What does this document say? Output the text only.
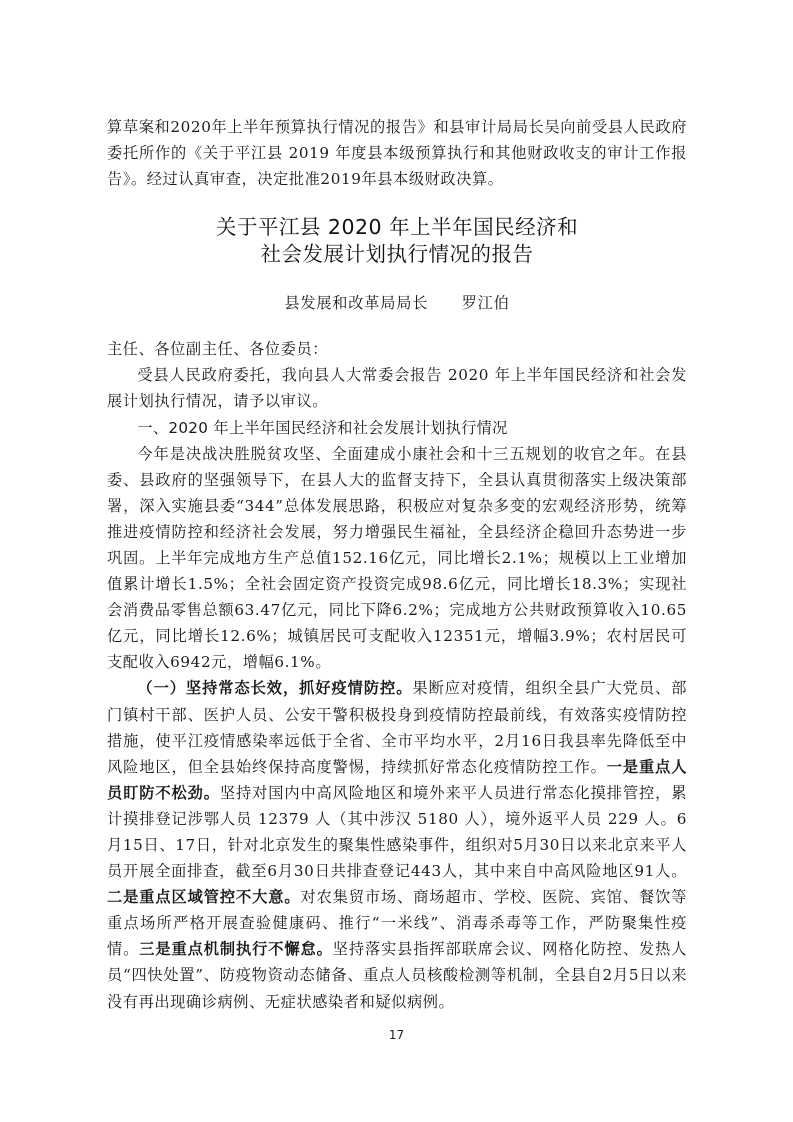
算草案和2020年上半年预算执行情况的报告》和县审计局局长吴向前受县人民政府委托所作的《关于平江县 2019 年度县本级预算执行和其他财政收支的审计工作报告》。经过认真审查，决定批准2019年县本级财政决算。

关于平江县 2020 年上半年国民经济和
社会发展计划执行情况的报告
县发展和改革局局长 罗江伯

主任、各位副主任、各位委员：

受县人民政府委托，我向县人大常委会报告 2020 年上半年国民经济和社会发展计划执行情况，请予以审议。

一、2020 年上半年国民经济和社会发展计划执行情况

今年是决战决胜脱贫攻坚、全面建成小康社会和十三五规划的收官之年。在县委、县政府的坚强领导下，在县人大的监督支持下，全县认真贯彻落实上级决策部署，深入实施县委“344”总体发展思路，积极应对复杂多变的宏观经济形势，统筹推进疫情防控和经济社会发展，努力增强民生福祉，全县经济企稳回升态势进一步巩固。上半年完成地方生产总值152.16亿元，同比增长2.1%；规模以上工业增加值累计增长1.5%；全社会固定资产投资完成98.6亿元，同比增长18.3%；实现社会消费品零售总额63.47亿元，同比下降6.2%；完成地方公共财政预算收入10.65亿元，同比增长12.6%；城镇居民可支配收入12351元，增幅3.9%；农村居民可支配收入6942元，增幅6.1%。

（一）坚持常态长效，抓好疫情防控。果断应对疫情，组织全县广大党员、部门镇村干部、医护人员、公安干警积极投身到疫情防控最前线，有效落实疫情防控措施，使平江疫情感染率远低于全省、全市平均水平，2月16日我县率先降低至中风险地区，但全县始终保持高度警惕，持续抓好常态化疫情防控工作。一是重点人员盯防不松劲。坚持对国内中高风险地区和境外来平人员进行常态化摸排管控，累计摸排登记涉鄂人员 12379 人（其中涉汉 5180 人），境外返平人员 229 人。6月15日、17日，针对北京发生的聚集性感染事件，组织对5月30日以来北京来平人员开展全面排查，截至6月30日共排查登记443人，其中来自中高风险地区91人。二是重点区域管控不大意。对农集贸市场、商场超市、学校、医院、宾馆、餐饮等重点场所严格开展查验健康码、推行“一米线”、消毒杀毒等工作，严防聚集性疫情。三是重点机制执行不懈怠。坚持落实县指挥部联席会议、网格化防控、发热人员“四快处置”、防疫物资动态储备、重点人员核酸检测等机制，全县自2月5日以来没有再出现确诊病例、无症状感染者和疑似病例。

17
